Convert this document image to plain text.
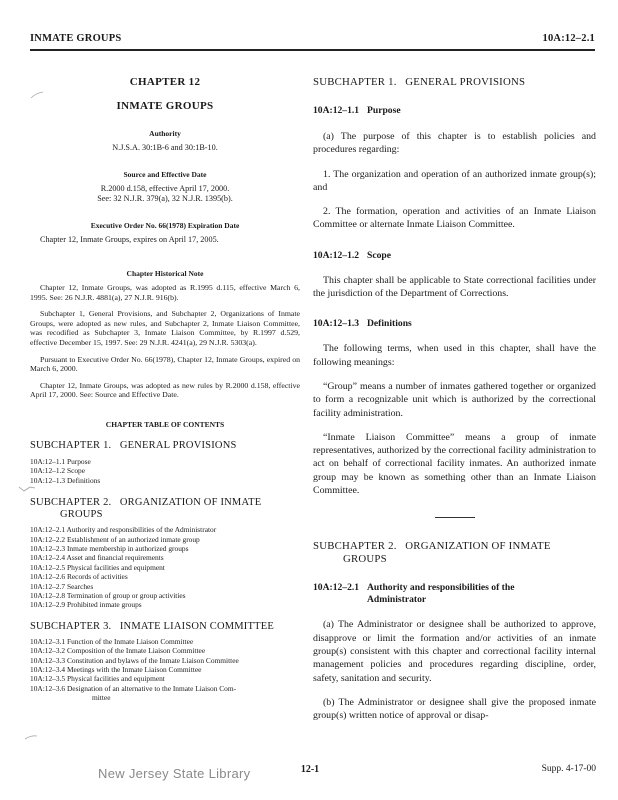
INMATE GROUPS	10A:12–2.1

CHAPTER 12

INMATE GROUPS

Authority

N.J.S.A. 30:1B-6 and 30:1B-10.

Source and Effective Date

R.2000 d.158, effective April 17, 2000.

See: 32 N.J.R. 379(a), 32 N.J.R. 1395(b).

Executive Order No. 66(1978) Expiration Date

Chapter 12, Inmate Groups, expires on April 17, 2005.

Chapter Historical Note

Chapter 12, Inmate Groups, was adopted as R.1995 d.115, effective March 6, 1995. See: 26 N.J.R. 4881(a), 27 N.J.R. 916(b).

Subchapter 1, General Provisions, and Subchapter 2, Organizations of Inmate Groups, were adopted as new rules, and Subchapter 2, Inmate Liaison Committee, was recodified as Subchapter 3, Inmate Liaison Committee, by R.1997 d.529, effective December 15, 1997. See: 29 N.J.R. 4241(a), 29 N.J.R. 5303(a).

Pursuant to Executive Order No. 66(1978), Chapter 12, Inmate Groups, expired on March 6, 2000.

Chapter 12, Inmate Groups, was adopted as new rules by R.2000 d.158, effective April 17, 2000. See: Source and Effective Date.

CHAPTER TABLE OF CONTENTS

SUBCHAPTER 1.   GENERAL PROVISIONS

10A:12–1.1 Purpose
10A:12–1.2 Scope
10A:12–1.3 Definitions

SUBCHAPTER 2.   ORGANIZATION OF INMATE

GROUPS

10A:12–2.1 Authority and responsibilities of the Administrator
10A:12–2.2 Establishment of an authorized inmate group
10A:12–2.3 Inmate membership in authorized groups
10A:12–2.4 Asset and financial requirements
10A:12–2.5 Physical facilities and equipment
10A:12–2.6 Records of activities
10A:12–2.7 Searches
10A:12–2.8 Termination of group or group activities
10A:12–2.9 Prohibited inmate groups

SUBCHAPTER 3.   INMATE LIAISON COMMITTEE

10A:12–3.1 Function of the Inmate Liaison Committee
10A:12–3.2 Composition of the Inmate Liaison Committee
10A:12–3.3 Constitution and bylaws of the Inmate Liaison Committee
10A:12–3.4 Meetings with the Inmate Liaison Committee
10A:12–3.5 Physical facilities and equipment
10A:12–3.6 Designation of an alternative to the Inmate Liaison Com-
mittee

SUBCHAPTER 1.   GENERAL PROVISIONS

10A:12–1.1 Purpose

(a) The purpose of this chapter is to establish policies and procedures regarding:

1. The organization and operation of an authorized inmate group(s); and

2. The formation, operation and activities of an Inmate Liaison Committee or alternate Inmate Liaison Committee.

10A:12–1.2 Scope

This chapter shall be applicable to State correctional facilities under the jurisdiction of the Department of Corrections.

10A:12–1.3 Definitions

The following terms, when used in this chapter, shall have the following meanings:

“Group” means a number of inmates gathered together or organized to form a recognizable unit which is authorized by the correctional facility administration.

“Inmate Liaison Committee” means a group of inmate representatives, authorized by the correctional facility administration to act on behalf of correctional facility inmates. An authorized inmate group may be known as something other than an Inmate Liaison Committee.

SUBCHAPTER 2.   ORGANIZATION OF INMATE

GROUPS

10A:12–2.1 Authority and responsibilities of the

Administrator

(a) The Administrator or designee shall be authorized to approve, disapprove or limit the formation and/or activities of an inmate group(s) consistent with this chapter and correctional facility internal management policies and procedures regarding discipline, order, safety, sanitation and security.

(b) The Administrator or designee shall give the proposed inmate group(s) written notice of approval or disap-

New Jersey State Library	12-1	Supp. 4-17-00
